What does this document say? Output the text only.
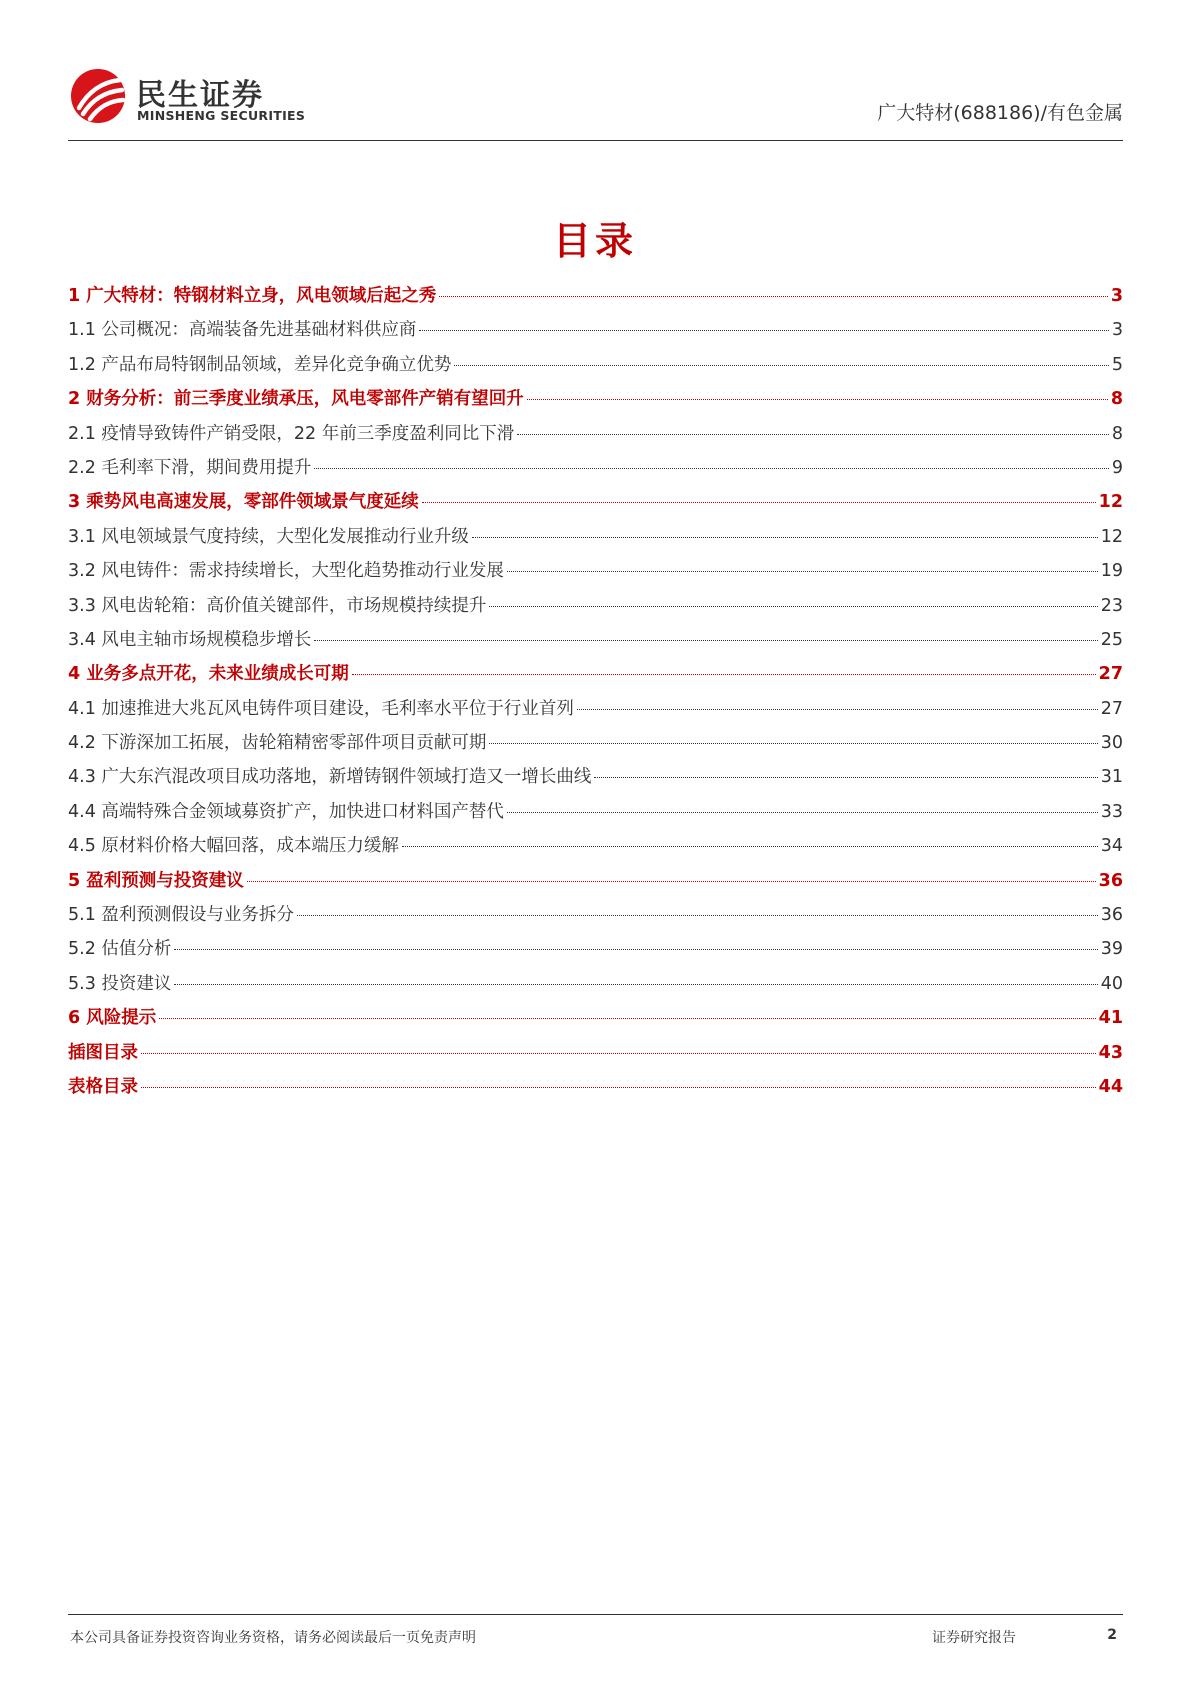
民生证券
MINSHENG SECURITIES	广大特材(688186)/有色金属
目录
1 广大特材：特钢材料立身，风电领域后起之秀	3
1.1 公司概况：高端装备先进基础材料供应商	3
1.2 产品布局特钢制品领域，差异化竞争确立优势	5
2 财务分析：前三季度业绩承压，风电零部件产销有望回升	8
2.1 疫情导致铸件产销受限，22 年前三季度盈利同比下滑	8
2.2 毛利率下滑，期间费用提升	9
3 乘势风电高速发展，零部件领域景气度延续	12
3.1 风电领域景气度持续，大型化发展推动行业升级	12
3.2 风电铸件：需求持续增长，大型化趋势推动行业发展	19
3.3 风电齿轮箱：高价值关键部件，市场规模持续提升	23
3.4 风电主轴市场规模稳步增长	25
4 业务多点开花，未来业绩成长可期	27
4.1 加速推进大兆瓦风电铸件项目建设，毛利率水平位于行业首列	27
4.2 下游深加工拓展，齿轮箱精密零部件项目贡献可期	30
4.3 广大东汽混改项目成功落地，新增铸钢件领域打造又一增长曲线	31
4.4 高端特殊合金领域募资扩产，加快进口材料国产替代	33
4.5 原材料价格大幅回落，成本端压力缓解	34
5 盈利预测与投资建议	36
5.1 盈利预测假设与业务拆分	36
5.2 估值分析	39
5.3 投资建议	40
6 风险提示	41
插图目录	43
表格目录	44
本公司具备证券投资咨询业务资格，请务必阅读最后一页免责声明	证券研究报告	2
